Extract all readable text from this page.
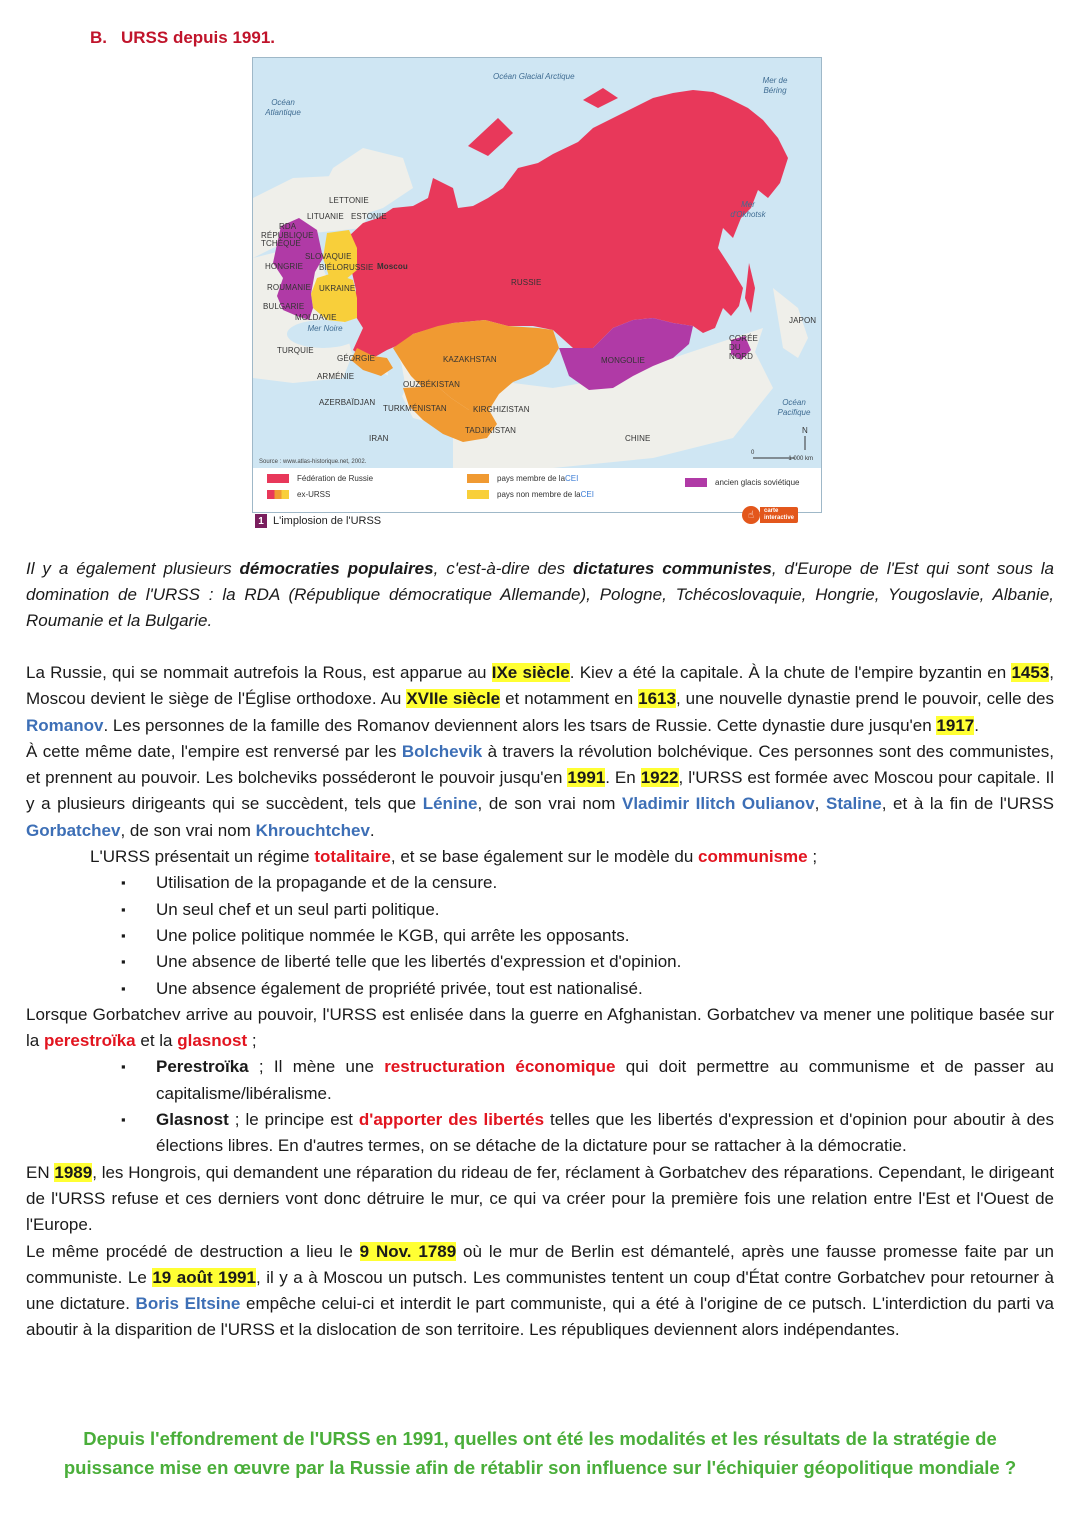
B. URSS depuis 1991.
Océan Glacial Arctique	Mer de Béring
Océan Atlantique
Mer d'Okhotsk
Océan Pacifique
Mer Noire
RUSSIE
Moscou
LETTONIE
LITUANIE ESTONIE
RDA
RÉPUBLIQUE TCHÈQUE
SLOVAQUIE
HONGRIE BIÉLORUSSIE
ROUMANIE UKRAINE
BULGARIE
MOLDAVIE
TURQUIE
GÉORGIE
ARMÉNIE
AZERBAÏDJAN
KAZAKHSTAN
OUZBÉKISTAN
TURKMÉNISTAN	KIRGHIZISTAN
TADJIKISTAN
IRAN	CHINE
MONGOLIE
CORÉE DU NORD
JAPON
N
0
1 000 km
Source : www.atlas-historique.net, 2002.
Fédération de Russie
ex-URSS
pays membre de la CEI
pays non membre de la CEI
ancien glacis soviétique
1 L'implosion de l'URSS	☝	carte
interactive
Il y a également plusieurs démocraties populaires, c'est-à-dire des dictatures communistes, d'Europe de l'Est qui sont sous la domination de l'URSS : la RDA (République démocratique Allemande), Pologne, Tchécoslovaquie, Hongrie, Yougoslavie, Albanie, Roumanie et la Bulgarie.

La Russie, qui se nommait autrefois la Rous, est apparue au IXe siècle. Kiev a été la capitale. À la chute de l'empire byzantin en 1453, Moscou devient le siège de l'Église orthodoxe. Au XVIIe siècle et notamment en 1613, une nouvelle dynastie prend le pouvoir, celle des Romanov. Les personnes de la famille des Romanov deviennent alors les tsars de Russie. Cette dynastie dure jusqu'en 1917.

À cette même date, l'empire est renversé par les Bolchevik à travers la révolution bolchévique. Ces personnes sont des communistes, et prennent au pouvoir. Les bolcheviks posséderont le pouvoir jusqu'en 1991. En 1922, l'URSS est formée avec Moscou pour capitale. Il y a plusieurs dirigeants qui se succèdent, tels que Lénine, de son vrai nom Vladimir Ilitch Oulianov, Staline, et à la fin de l'URSS Gorbatchev, de son vrai nom Khrouchtchev.

L'URSS présentait un régime totalitaire, et se base également sur le modèle du communisme ;

▪ Utilisation de la propagande et de la censure.
▪ Un seul chef et un seul parti politique.
▪ Une police politique nommée le KGB, qui arrête les opposants.
▪ Une absence de liberté telle que les libertés d'expression et d'opinion.
▪ Une absence également de propriété privée, tout est nationalisé.

Lorsque Gorbatchev arrive au pouvoir, l'URSS est enlisée dans la guerre en Afghanistan. Gorbatchev va mener une politique basée sur la perestroïka et la glasnost ;

▪ Perestroïka ; Il mène une restructuration économique qui doit permettre au communisme et de passer au capitalisme/libéralisme.
▪ Glasnost ; le principe est d'apporter des libertés telles que les libertés d'expression et d'opinion pour aboutir à des élections libres. En d'autres termes, on se détache de la dictature pour se rattacher à la démocratie.

EN 1989, les Hongrois, qui demandent une réparation du rideau de fer, réclament à Gorbatchev des réparations. Cependant, le dirigeant de l'URSS refuse et ces derniers vont donc détruire le mur, ce qui va créer pour la première fois une relation entre l'Est et l'Ouest de l'Europe.

Le même procédé de destruction a lieu le 9 Nov. 1789 où le mur de Berlin est démantelé, après une fausse promesse faite par un communiste. Le 19 août 1991, il y a à Moscou un putsch. Les communistes tentent un coup d'État contre Gorbatchev pour retourner à une dictature. Boris Eltsine empêche celui-ci et interdit le part communiste, qui a été à l'origine de ce putsch. L'interdiction du parti va aboutir à la disparition de l'URSS et la dislocation de son territoire. Les républiques deviennent alors indépendantes.

Depuis l'effondrement de l'URSS en 1991, quelles ont été les modalités et les résultats de la stratégie de
puissance mise en œuvre par la Russie afin de rétablir son influence sur l'échiquier géopolitique mondiale ?
